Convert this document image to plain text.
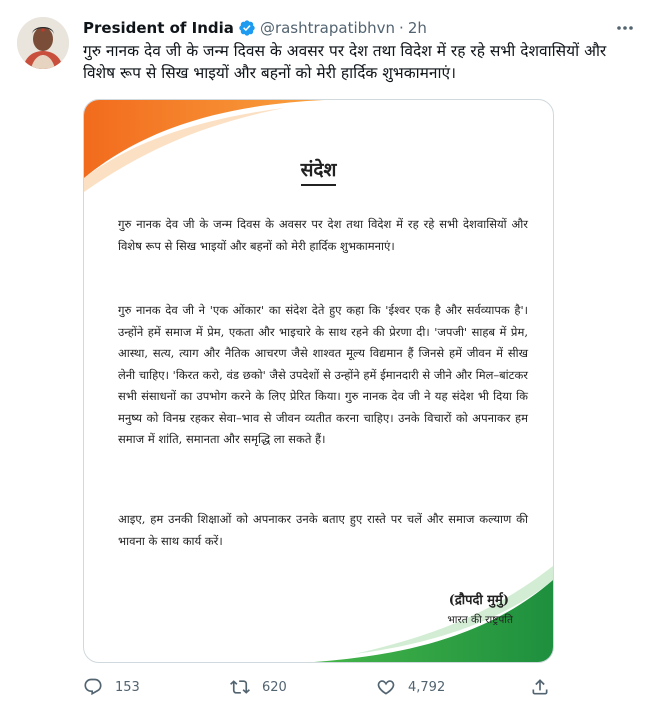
President of India @rashtrapatibhvn · 2h
गुरु नानक देव जी के जन्म दिवस के अवसर पर देश तथा विदेश में रह रहे सभी देशवासियों और विशेष रूप से सिख भाइयों और बहनों को मेरी हार्दिक शुभकामनाएं।
संदेश
गुरु नानक देव जी के जन्म दिवस के अवसर पर देश तथा विदेश में रह रहे सभी देशवासियों और विशेष रूप से सिख भाइयों और बहनों को मेरी हार्दिक शुभकामनाएं।
गुरु नानक देव जी ने 'एक ओंकार' का संदेश देते हुए कहा कि 'ईश्वर एक है और सर्वव्यापक है'। उन्होंने हमें समाज में प्रेम, एकता और भाइचारे के साथ रहने की प्रेरणा दी। 'जपजी' साहब में प्रेम, आस्था, सत्य, त्याग और नैतिक आचरण जैसे शाश्वत मूल्य विद्यमान हैं जिनसे हमें जीवन में सीख लेनी चाहिए। 'किरत करो, वंड छको' जैसे उपदेशों से उन्होंने हमें ईमानदारी से जीने और मिल–बांटकर सभी संसाधनों का उपभोग करने के लिए प्रेरित किया। गुरु नानक देव जी ने यह संदेश भी दिया कि मनुष्य को विनम्र रहकर सेवा–भाव से जीवन व्यतीत करना चाहिए। उनके विचारों को अपनाकर हम समाज में शांति, समानता और समृद्धि ला सकते हैं।
आइए, हम उनकी शिक्षाओं को अपनाकर उनके बताए हुए रास्ते पर चलें और समाज कल्याण की भावना के साथ कार्य करें।
(द्रौपदी मुर्मु)
भारत की राष्ट्रपति
153	620	4,792
